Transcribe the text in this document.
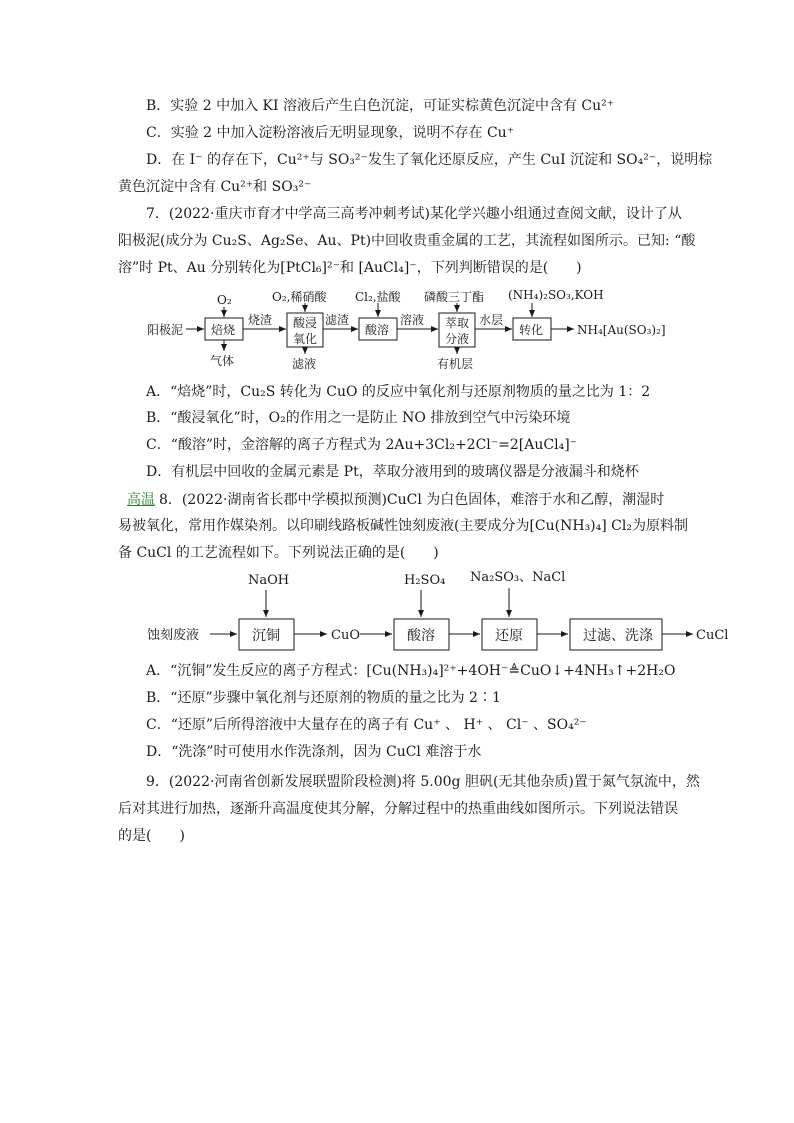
B．实验 2 中加入 KI 溶液后产生白色沉淀，可证实棕黄色沉淀中含有 Cu²⁺
C．实验 2 中加入淀粉溶液后无明显现象，说明不存在 Cu⁺
D．在 I⁻ 的存在下，Cu²⁺与 SO₃²⁻发生了氧化还原反应，产生 CuI 沉淀和 SO₄²⁻，说明棕
黄色沉淀中含有 Cu²⁺和 SO₃²⁻
7．(2022·重庆市育才中学高三高考冲刺考试)某化学兴趣小组通过查阅文献，设计了从
阳极泥(成分为 Cu₂S、Ag₂Se、Au、Pt)中回收贵重金属的工艺，其流程如图所示。已知: “酸
溶”时 Pt、Au 分别转化为[PtCl₆]²⁻和 [AuCl₄]⁻，下列判断错误的是(　　)
阳极泥 焙烧
O₂
气体
烧渣 酸浸
氧化
O₂,稀硝酸
滤液
滤渣
酸溶
Cl₂,盐酸
溶液 萃取
分液
磷酸三丁酯
有机层
水层
转化
(NH₄)₂SO₃,KOH
NH₄[Au(SO₃)₂]
A．“焙烧”时，Cu₂S 转化为 CuO 的反应中氧化剂与还原剂物质的量之比为 1：2
B．“酸浸氧化”时，O₂的作用之一是防止 NO 排放到空气中污染环境
C．“酸溶”时，金溶解的离子方程式为 2Au+3Cl₂+2Cl⁻=2[AuCl₄]⁻
D．有机层中回收的金属元素是 Pt，萃取分液用到的玻璃仪器是分液漏斗和烧杯
高温 8．(2022·湖南省长郡中学模拟预测)CuCl 为白色固体，难溶于水和乙醇，潮湿时
易被氧化，常用作媒染剂。以印刷线路板碱性蚀刻废液(主要成分为[Cu(NH₃)₄] Cl₂为原料制
备 CuCl 的工艺流程如下。下列说法正确的是(　　)
蚀刻废液	沉铜
NaOH
CuO	酸溶
H₂SO₄
还原
Na₂SO₃、NaCl
过滤、洗涤	CuCl
A．“沉铜”发生反应的离子方程式：[Cu(NH₃)₄]²⁺+4OH⁻≜CuO↓+4NH₃↑+2H₂O
B．“还原”步骤中氧化剂与还原剂的物质的量之比为 2∶1
C．“还原”后所得溶液中大量存在的离子有 Cu⁺ 、 H⁺ 、 Cl⁻ 、SO₄²⁻
D．“洗涤”时可使用水作洗涤剂，因为 CuCl 难溶于水
9．(2022·河南省创新发展联盟阶段检测)将 5.00g 胆矾(无其他杂质)置于氮气氛流中，然
后对其进行加热，逐渐升高温度使其分解，分解过程中的热重曲线如图所示。下列说法错误
的是(　　)
